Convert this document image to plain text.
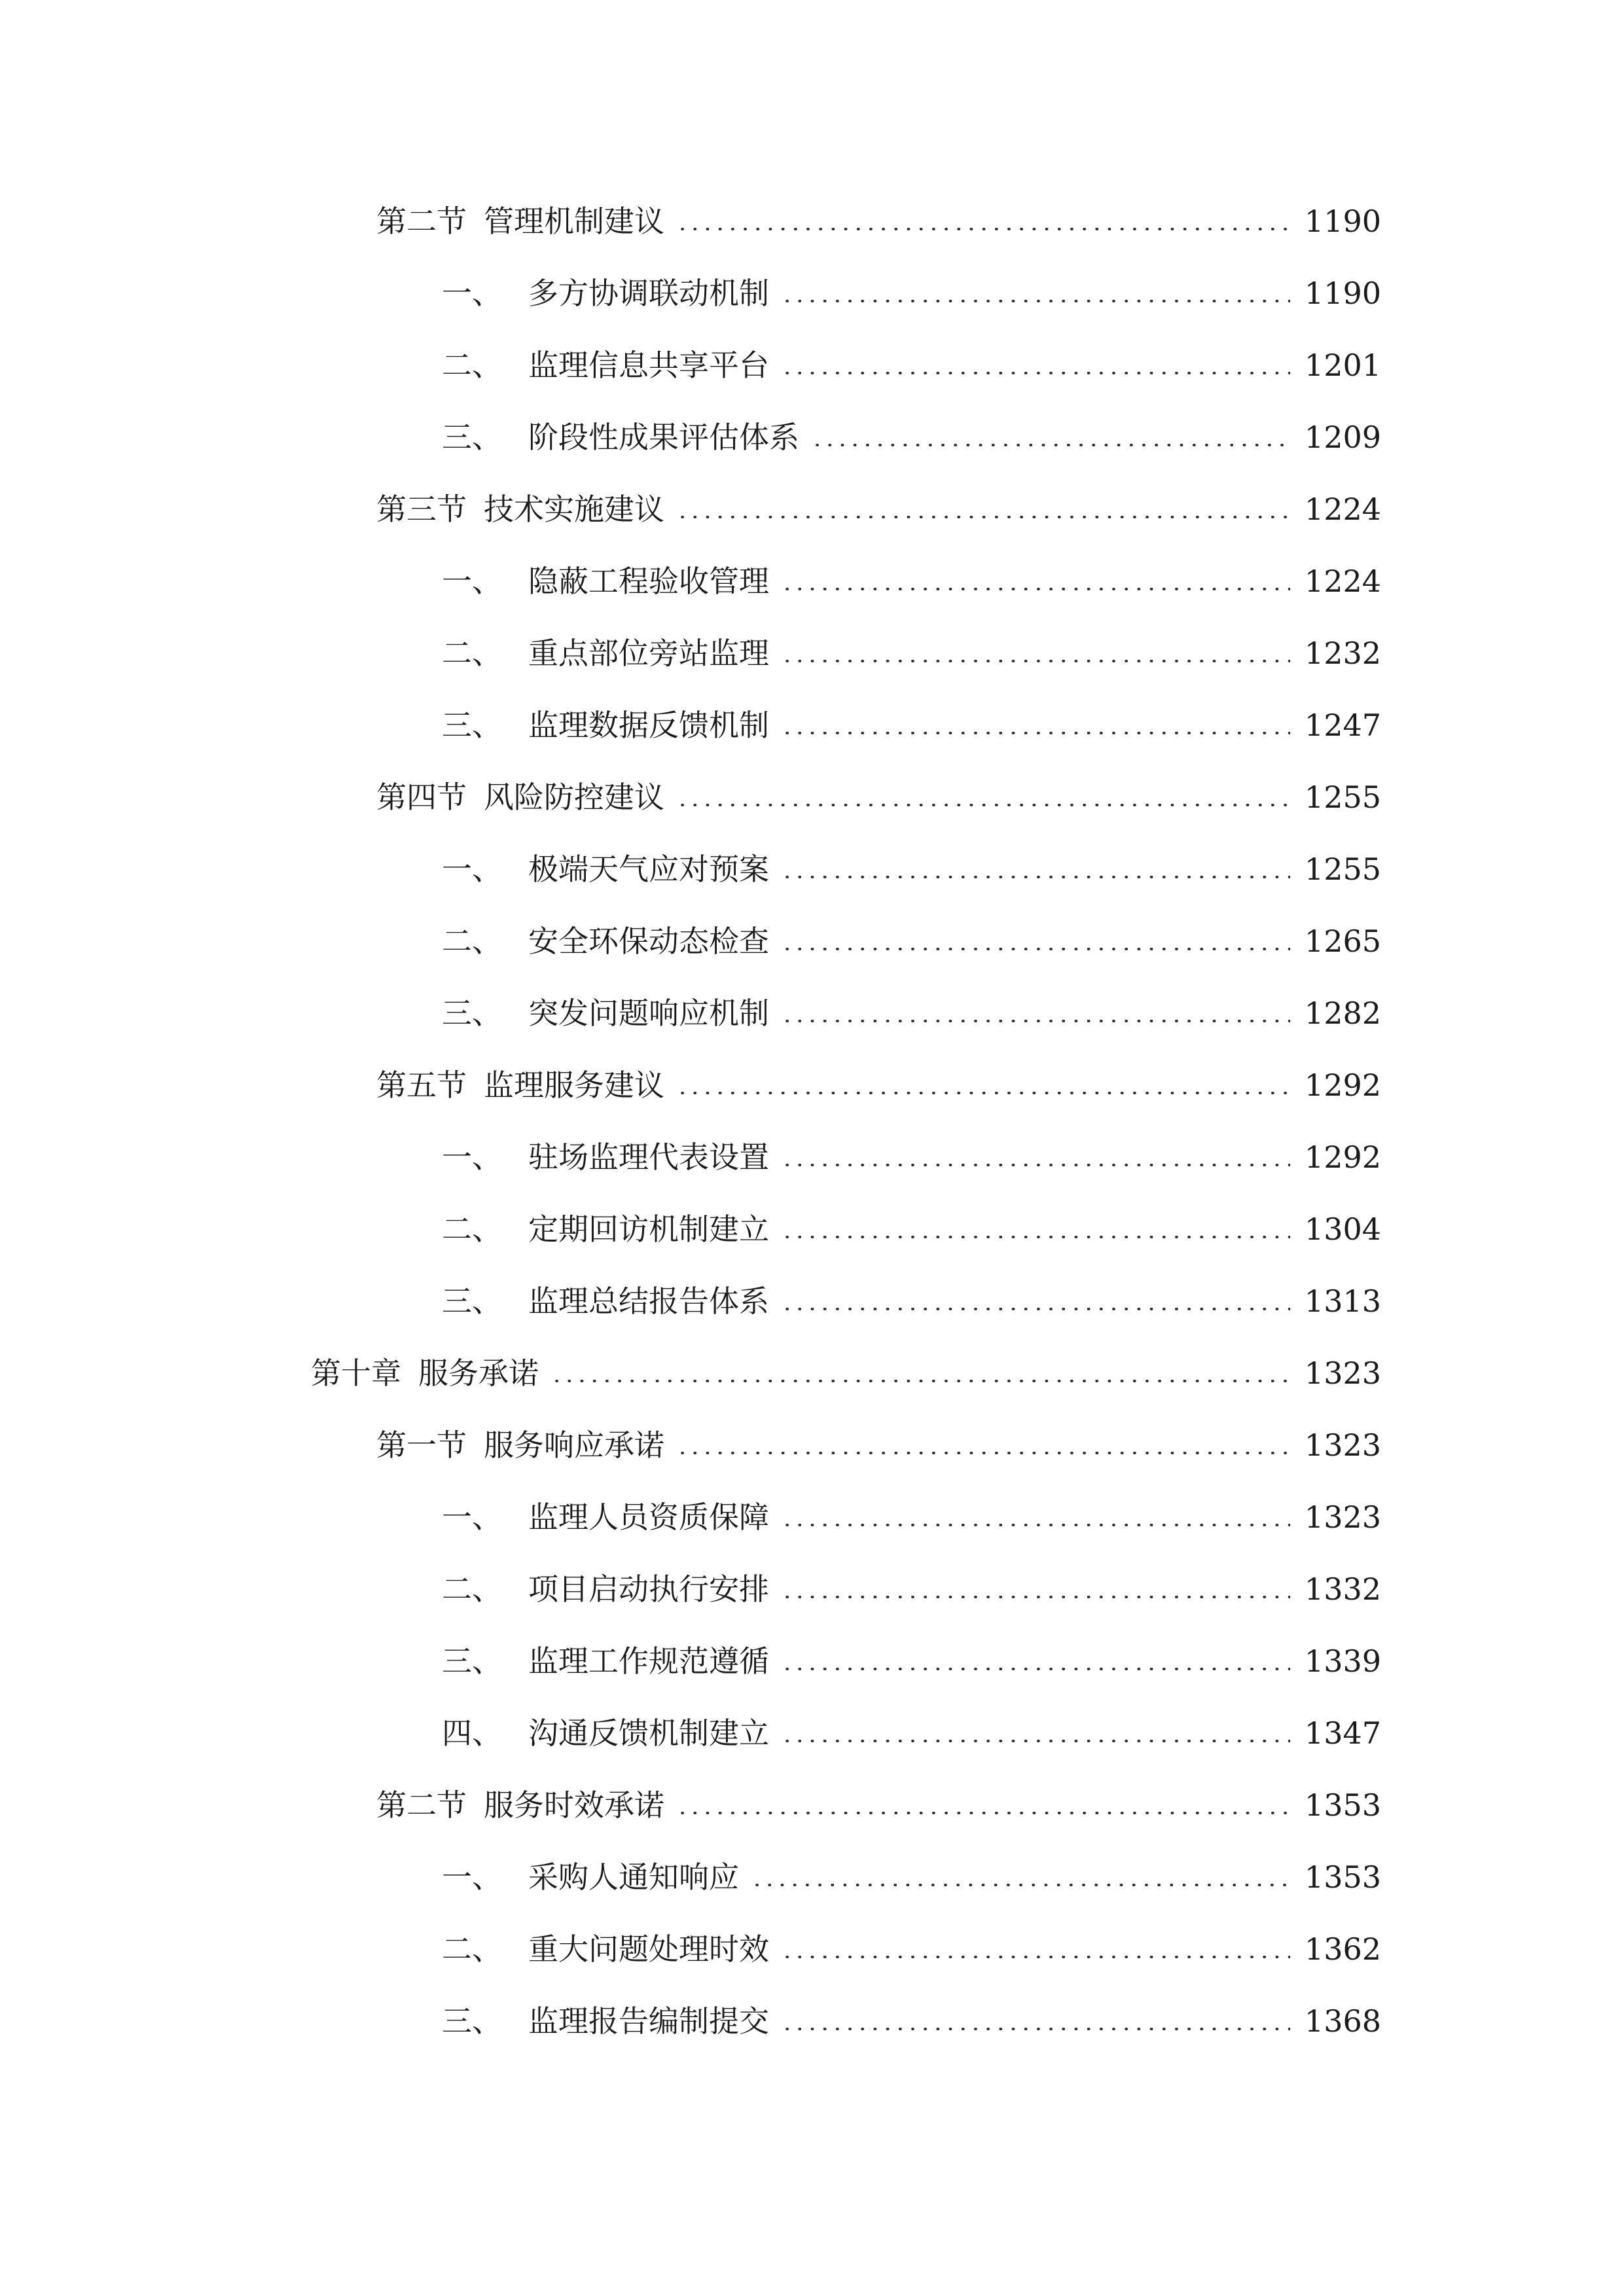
第二节 管理机制建议	1190
一、 多方协调联动机制	1190
二、 监理信息共享平台	1201
三、 阶段性成果评估体系	1209
第三节 技术实施建议	1224
一、 隐蔽工程验收管理	1224
二、 重点部位旁站监理	1232
三、 监理数据反馈机制	1247
第四节 风险防控建议	1255
一、 极端天气应对预案	1255
二、 安全环保动态检查	1265
三、 突发问题响应机制	1282
第五节 监理服务建议	1292
一、 驻场监理代表设置	1292
二、 定期回访机制建立	1304
三、 监理总结报告体系	1313
第十章 服务承诺	1323
第一节 服务响应承诺	1323
一、 监理人员资质保障	1323
二、 项目启动执行安排	1332
三、 监理工作规范遵循	1339
四、 沟通反馈机制建立	1347
第二节 服务时效承诺	1353
一、 采购人通知响应	1353
二、 重大问题处理时效	1362
三、 监理报告编制提交	1368
